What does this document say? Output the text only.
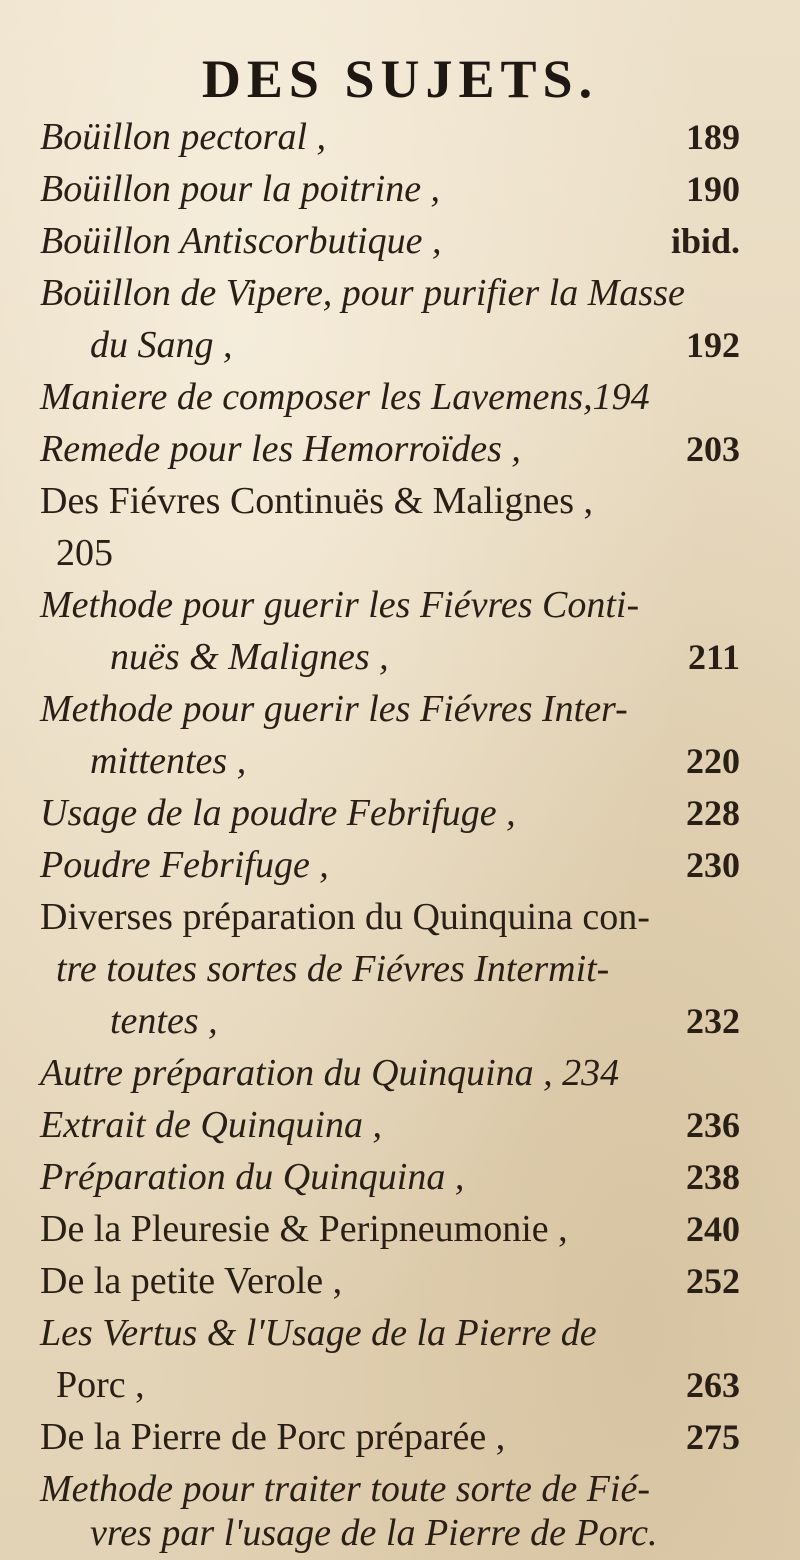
DES SUJETS.
Boüillon pectoral ,	189
Boüillon pour la poitrine ,	190
Boüillon Antiscorbutique ,	ibid.
Boüillon de Vipere, pour purifier la Masse
du Sang ,	192
Maniere de composer les Lavemens,194
Remede pour les Hemorroïdes ,	203
Des Fiévres Continuës & Malignes ,
205
Methode pour guerir les Fiévres Conti-
nuës & Malignes ,	211
Methode pour guerir les Fiévres Inter-
mittentes ,	220
Usage de la poudre Febrifuge ,	228
Poudre Febrifuge ,	230
Diverses préparation du Quinquina con-
tre toutes sortes de Fiévres Intermit-
tentes ,	232
Autre préparation du Quinquina , 234
Extrait de Quinquina ,	236
Préparation du Quinquina ,	238
De la Pleuresie & Peripneumonie ,	240
De la petite Verole ,	252
Les Vertus & l'Usage de la Pierre de
Porc ,	263
De la Pierre de Porc préparée ,	275
Methode pour traiter toute sorte de Fié-
vres par l'usage de la Pierre de Porc.
